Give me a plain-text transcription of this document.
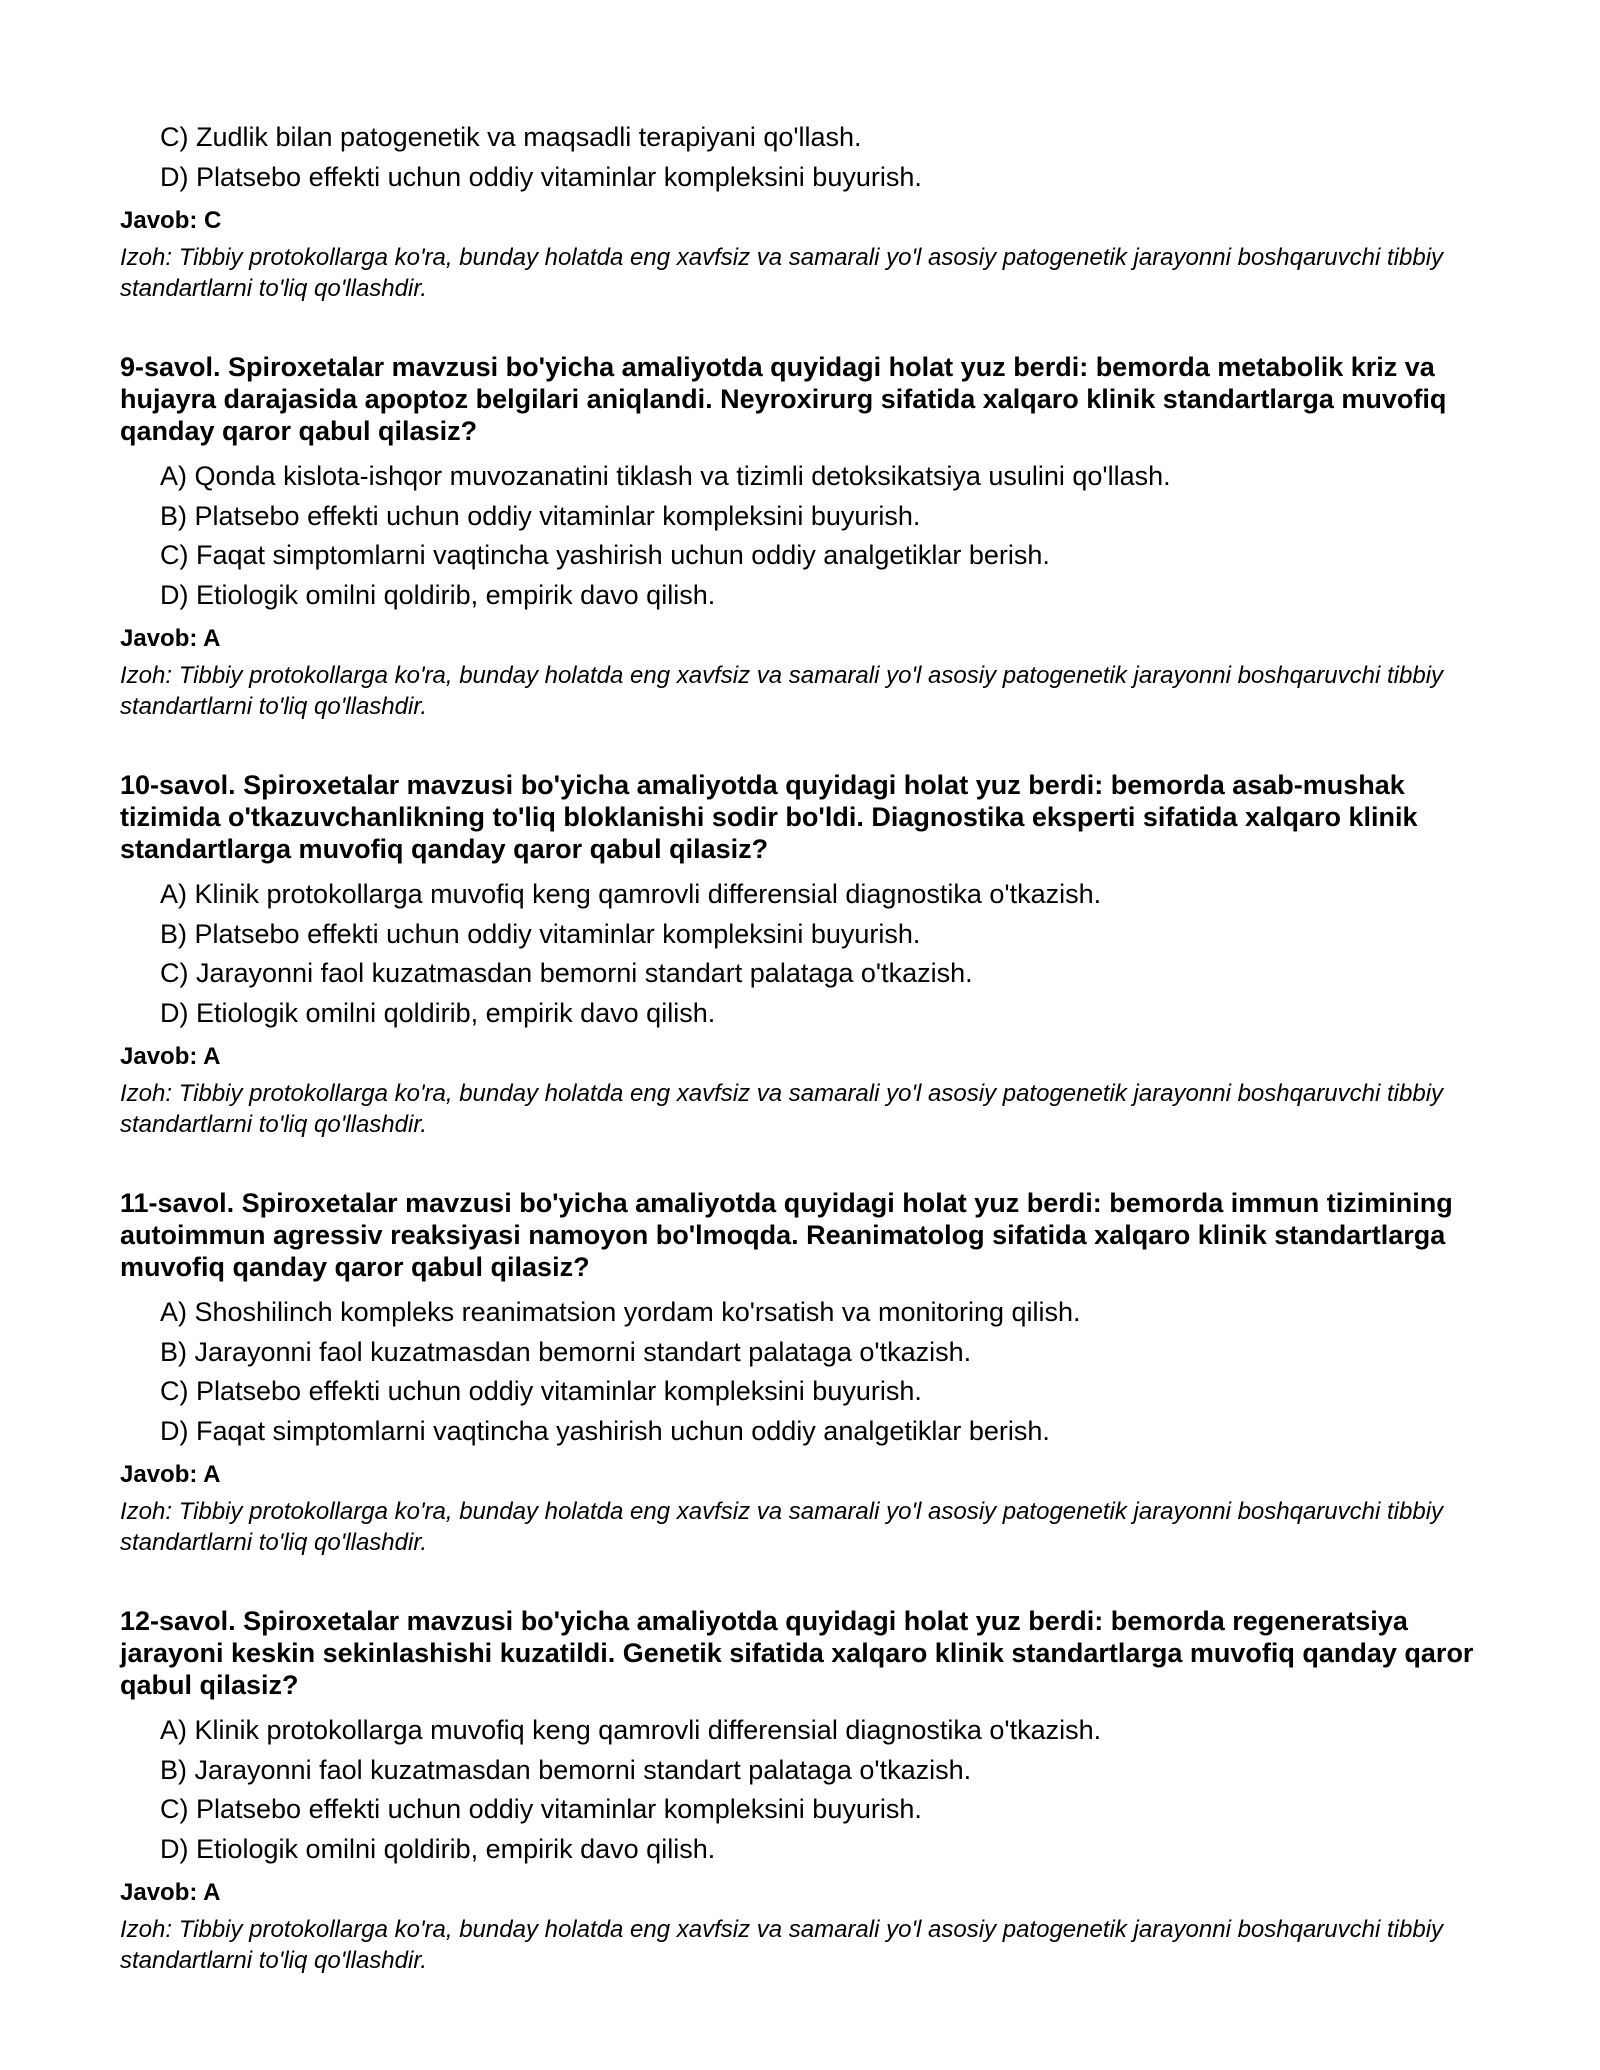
C) Zudlik bilan patogenetik va maqsadli terapiyani qo'llash.
D) Platsebo effekti uchun oddiy vitaminlar kompleksini buyurish.
Javob: C
Izoh: Tibbiy protokollarga ko'ra, bunday holatda eng xavfsiz va samarali yo'l asosiy patogenetik jarayonni boshqaruvchi tibbiy standartlarni to'liq qo'llashdir.
9-savol. Spiroxetalar mavzusi bo'yicha amaliyotda quyidagi holat yuz berdi: bemorda metabolik kriz va hujayra darajasida apoptoz belgilari aniqlandi. Neyroxirurg sifatida xalqaro klinik standartlarga muvofiq qanday qaror qabul qilasiz?
A) Qonda kislota-ishqor muvozanatini tiklash va tizimli detoksikatsiya usulini qo'llash.
B) Platsebo effekti uchun oddiy vitaminlar kompleksini buyurish.
C) Faqat simptomlarni vaqtincha yashirish uchun oddiy analgetiklar berish.
D) Etiologik omilni qoldirib, empirik davo qilish.
Javob: A
Izoh: Tibbiy protokollarga ko'ra, bunday holatda eng xavfsiz va samarali yo'l asosiy patogenetik jarayonni boshqaruvchi tibbiy standartlarni to'liq qo'llashdir.
10-savol. Spiroxetalar mavzusi bo'yicha amaliyotda quyidagi holat yuz berdi: bemorda asab-mushak tizimida o'tkazuvchanlikning to'liq bloklanishi sodir bo'ldi. Diagnostika eksperti sifatida xalqaro klinik standartlarga muvofiq qanday qaror qabul qilasiz?
A) Klinik protokollarga muvofiq keng qamrovli differensial diagnostika o'tkazish.
B) Platsebo effekti uchun oddiy vitaminlar kompleksini buyurish.
C) Jarayonni faol kuzatmasdan bemorni standart palataga o'tkazish.
D) Etiologik omilni qoldirib, empirik davo qilish.
Javob: A
Izoh: Tibbiy protokollarga ko'ra, bunday holatda eng xavfsiz va samarali yo'l asosiy patogenetik jarayonni boshqaruvchi tibbiy standartlarni to'liq qo'llashdir.
11-savol. Spiroxetalar mavzusi bo'yicha amaliyotda quyidagi holat yuz berdi: bemorda immun tizimining autoimmun agressiv reaksiyasi namoyon bo'lmoqda. Reanimatolog sifatida xalqaro klinik standartlarga muvofiq qanday qaror qabul qilasiz?
A) Shoshilinch kompleks reanimatsion yordam ko'rsatish va monitoring qilish.
B) Jarayonni faol kuzatmasdan bemorni standart palataga o'tkazish.
C) Platsebo effekti uchun oddiy vitaminlar kompleksini buyurish.
D) Faqat simptomlarni vaqtincha yashirish uchun oddiy analgetiklar berish.
Javob: A
Izoh: Tibbiy protokollarga ko'ra, bunday holatda eng xavfsiz va samarali yo'l asosiy patogenetik jarayonni boshqaruvchi tibbiy standartlarni to'liq qo'llashdir.
12-savol. Spiroxetalar mavzusi bo'yicha amaliyotda quyidagi holat yuz berdi: bemorda regeneratsiya jarayoni keskin sekinlashishi kuzatildi. Genetik sifatida xalqaro klinik standartlarga muvofiq qanday qaror qabul qilasiz?
A) Klinik protokollarga muvofiq keng qamrovli differensial diagnostika o'tkazish.
B) Jarayonni faol kuzatmasdan bemorni standart palataga o'tkazish.
C) Platsebo effekti uchun oddiy vitaminlar kompleksini buyurish.
D) Etiologik omilni qoldirib, empirik davo qilish.
Javob: A
Izoh: Tibbiy protokollarga ko'ra, bunday holatda eng xavfsiz va samarali yo'l asosiy patogenetik jarayonni boshqaruvchi tibbiy standartlarni to'liq qo'llashdir.
